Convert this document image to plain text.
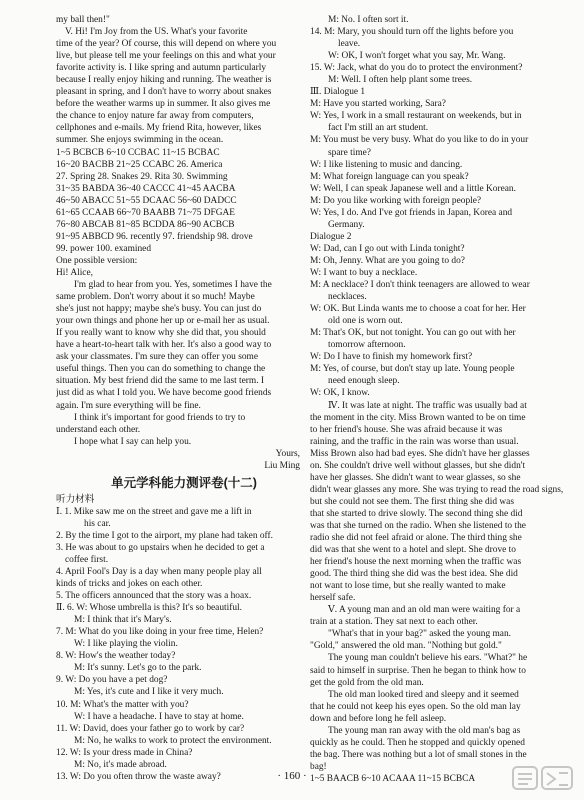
my ball then!"
V. Hi! I'm Joy from the US. What's your favorite
time of the year? Of course, this will depend on where you
live, but please tell me your feelings on this and what your
favorite activity is. I like spring and autumn particularly
because I really enjoy hiking and running. The weather is
pleasant in spring, and I don't have to worry about snakes
before the weather warms up in summer. It also gives me
the chance to enjoy nature far away from computers,
cellphones and e-mails. My friend Rita, however, likes
summer. She enjoys swimming in the ocean.
1~5 BCBCB 6~10 CCBAC 11~15 BCBAC
16~20 BACBB 21~25 CCABC 26. America
27. Spring 28. Snakes 29. Rita 30. Swimming
31~35 BABDA 36~40 CACCC 41~45 AACBA
46~50 ABACC 51~55 DCAAC 56~60 DADCC
61~65 CCAAB 66~70 BAABB 71~75 DFGAE
76~80 ABCAB 81~85 BCDDA 86~90 ACBCB
91~95 ABBCD 96. recently 97. friendship 98. drove
99. power 100. examined
One possible version:
Hi! Alice,
I'm glad to hear from you. Yes, sometimes I have the
same problem. Don't worry about it so much! Maybe
she's just not happy; maybe she's busy. You can just do
your own things and phone her up or e-mail her as usual.
If you really want to know why she did that, you should
have a heart-to-heart talk with her. It's also a good way to
ask your classmates. I'm sure they can offer you some
useful things. Then you can do something to change the
situation. My best friend did the same to me last term. I
just did as what I told you. We have become good friends
again. I'm sure everything will be fine.
I think it's important for good friends to try to
understand each other.
I hope what I say can help you.
Yours,
Liu Ming
单元学科能力测评卷(十二)
听力材料
Ⅰ. 1. Mike saw me on the street and gave me a lift in
his car.
2. By the time I got to the airport, my plane had taken off.
3. He was about to go upstairs when he decided to get a
coffee first.
4. April Fool's Day is a day when many people play all
kinds of tricks and jokes on each other.
5. The officers announced that the story was a hoax.
Ⅱ. 6. W: Whose umbrella is this? It's so beautiful.
M: I think that it's Mary's.
7. M: What do you like doing in your free time, Helen?
W: I like playing the violin.
8. W: How's the weather today?
M: It's sunny. Let's go to the park.
9. W: Do you have a pet dog?
M: Yes, it's cute and I like it very much.
10. M: What's the matter with you?
W: I have a headache. I have to stay at home.
11. W: David, does your father go to work by car?
M: No, he walks to work to protect the environment.
12. W: Is your dress made in China?
M: No, it's made abroad.
13. W: Do you often throw the waste away?
M: No. I often sort it.
14. M: Mary, you should turn off the lights before you
leave.
W: OK, I won't forget what you say, Mr. Wang.
15. W: Jack, what do you do to protect the environment?
M: Well. I often help plant some trees.
Ⅲ. Dialogue 1
M: Have you started working, Sara?
W: Yes, I work in a small restaurant on weekends, but in
fact I'm still an art student.
M: You must be very busy. What do you like to do in your
spare time?
W: I like listening to music and dancing.
M: What foreign language can you speak?
W: Well, I can speak Japanese well and a little Korean.
M: Do you like working with foreign people?
W: Yes, I do. And I've got friends in Japan, Korea and
Germany.
Dialogue 2
W: Dad, can I go out with Linda tonight?
M: Oh, Jenny. What are you going to do?
W: I want to buy a necklace.
M: A necklace? I don't think teenagers are allowed to wear
necklaces.
W: OK. But Linda wants me to choose a coat for her. Her
old one is worn out.
M: That's OK, but not tonight. You can go out with her
tomorrow afternoon.
W: Do I have to finish my homework first?
M: Yes, of course, but don't stay up late. Young people
need enough sleep.
W: OK, I know.
Ⅳ. It was late at night. The traffic was usually bad at
the moment in the city. Miss Brown wanted to be on time
to her friend's house. She was afraid because it was
raining, and the traffic in the rain was worse than usual.
Miss Brown also had bad eyes. She didn't have her glasses
on. She couldn't drive well without glasses, but she didn't
have her glasses. She didn't want to wear glasses, so she
didn't wear glasses any more. She was trying to read the road signs,
but she could not see them. The first thing she did was
that she started to drive slowly. The second thing she did
was that she turned on the radio. When she listened to the
radio she did not feel afraid or alone. The third thing she
did was that she went to a hotel and slept. She drove to
her friend's house the next morning when the traffic was
good. The third thing she did was the best idea. She did
not want to lose time, but she really wanted to make
herself safe.
Ⅴ. A young man and an old man were waiting for a
train at a station. They sat next to each other.
"What's that in your bag?" asked the young man.
"Gold," answered the old man. "Nothing but gold."
The young man couldn't believe his ears. "What?" he
said to himself in surprise. Then he began to think how to
get the gold from the old man.
The old man looked tired and sleepy and it seemed
that he could not keep his eyes open. So the old man lay
down and before long he fell asleep.
The young man ran away with the old man's bag as
quickly as he could. Then he stopped and quickly opened
the bag. There was nothing but a lot of small stones in the
bag!
1~5 BAACB 6~10 ACAAA 11~15 BCBCA
· 160 ·
